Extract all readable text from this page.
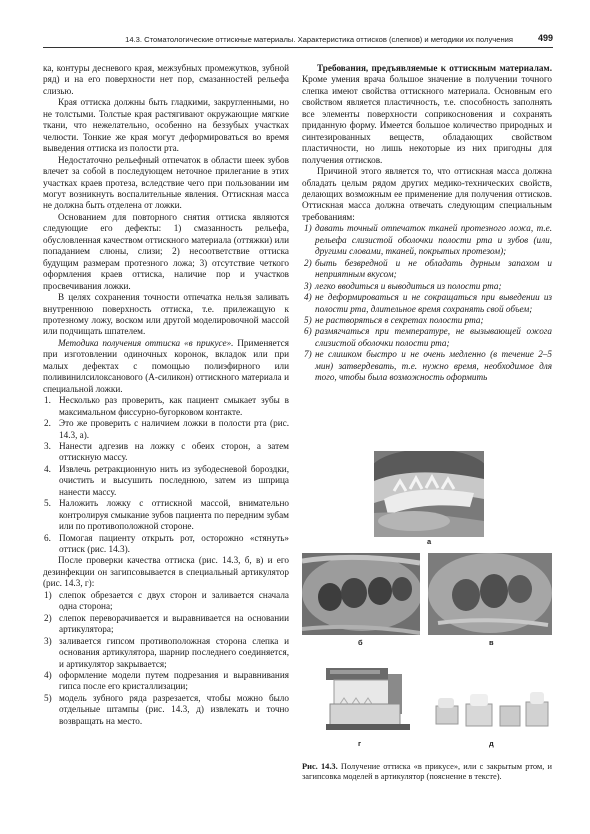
14.3. Стоматологические оттискные материалы. Характеристика оттисков (слепков) и методики их получения	499

ка, контуры десневого края, межзубных промежутков, зубной ряд) и на его поверхности нет пор, смазанностей рельефа слизью.

Края оттиска должны быть гладкими, закругленными, но не толстыми. Толстые края растягивают окружающие мягкие ткани, что нежелательно, особенно на беззубых участках челюсти. Тонкие же края могут деформироваться во время выведения оттиска из полости рта.

Недостаточно рельефный отпечаток в области шеек зубов влечет за собой в последующем неточное прилегание в этих участках краев протеза, вследствие чего при пользовании им могут возникнуть воспалительные явления. Оттискная масса не должна быть отделена от ложки.

Основанием для повторного снятия оттиска являются следующие его дефекты: 1) смазанность рельефа, обусловленная качеством оттискного материала (оттяжки) или попаданием слюны, слизи; 2) несоответствие оттиска будущим размерам протезного ложа; 3) отсутствие четкого оформления краев оттиска, наличие пор и участков просвечивания ложки.

В целях сохранения точности отпечатка нельзя заливать внутреннюю поверхность оттиска, т.е. прилежащую к протезному ложу, воском или другой моделировочной массой или подчищать шпателем.

Методика получения оттиска «в прикусе». Применяется при изготовлении одиночных коронок, вкладок или при малых дефектах с помощью полиэфирного или поливинилсилоксанового (А-силикон) оттискного материала и специальной ложки.

1. Несколько раз проверить, как пациент смыкает зубы в максимальном фиссурно-бугорковом контакте.
2. Это же проверить с наличием ложки в полости рта (рис. 14.3, а).
3. Нанести адгезив на ложку с обеих сторон, а затем оттискную массу.
4. Извлечь ретракционную нить из зубодесневой бороздки, очистить и высушить последнюю, затем из шприца нанести массу.
5. Наложить ложку с оттискной массой, внимательно контролируя смыкание зубов пациента по передним зубам или по противоположной стороне.
6. Помогая пациенту открыть рот, осторожно «стянуть» оттиск (рис. 14.3).

После проверки качества оттиска (рис. 14.3, б, в) и его дезинфекции он загипсовывается в специальный артикулятор (рис. 14.3, г):

1) слепок обрезается с двух сторон и заливается сначала одна сторона;
2) слепок переворачивается и выравнивается на основании артикулятора;
3) заливается гипсом противоположная сторона слепка и основания артикулятора, шарнир последнего соединяется, и артикулятор закрывается;
4) оформление модели путем подрезания и выравнивания гипса после его кристаллизации;
5) модель зубного ряда разрезается, чтобы можно было отдельные штампы (рис. 14.3, д) извлекать и точно возвращать на место.

Требования, предъявляемые к оттискным материалам. Кроме умения врача большое значение в получении точного слепка имеют свойства оттискного материала. Основным его свойством является пластичность, т.е. способность заполнять все элементы поверхности соприкосновения и сохранять приданную форму. Имеется большое количество природных и синтезированных веществ, обладающих свойством пластичности, но лишь некоторые из них пригодны для получения оттисков.

Причиной этого является то, что оттискная масса должна обладать целым рядом других медико-технических свойств, делающих возможным ее применение для получения оттисков. Оттискная масса должна отвечать следующим специальным требованиям:

1) давать точный отпечаток тканей протезного ложа, т.е. рельефа слизистой оболочки полости рта и зубов (или, другими словами, тканей, покрытых протезом);
2) быть безвредной и не обладать дурным запахом и неприятным вкусом;
3) легко вводиться и выводиться из полости рта;
4) не деформироваться и не сокращаться при выведении из полости рта, длительное время сохранять свой объем;
5) не растворяться в секретах полости рта;
6) размягчаться при температуре, не вызывающей ожога слизистой оболочки полости рта;
7) не слишком быстро и не очень медленно (в течение 2–5 мин) затвердевать, т.е. нужно время, необходимое для того, чтобы была возможность оформить
а
б	в
г	д
Рис. 14.3. Получение оттиска «в прикусе», или с закрытым ртом, и загипсовка моделей в артикулятор (пояснение в тексте).
